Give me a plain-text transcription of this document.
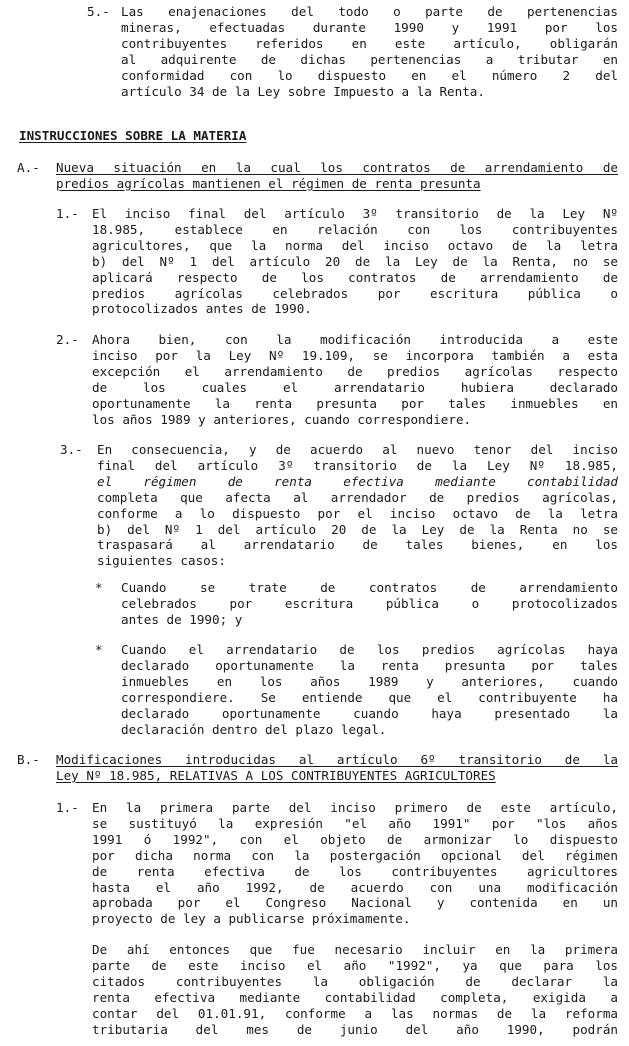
5.- Las enajenaciones del todo o parte de pertenencias

mineras, efectuadas durante 1990 y 1991 por los

contribuyentes referidos en este artículo, obligarán

al adquirente de dichas pertenencias a tributar en

conformidad con lo dispuesto en el número 2 del

artículo 34 de la Ley sobre Impuesto a la Renta.

INSTRUCCIONES SOBRE LA MATERIA
A.- Nueva situación en la cual los contratos de arrendamiento de

predios agrícolas mantienen el régimen de renta presunta

1.- El inciso final del artículo 3º transitorio de la Ley Nº

18.985, establece en relación con los contribuyentes

agricultores, que la norma del inciso octavo de la letra

b) del Nº 1 del artículo 20 de la Ley de la Renta, no se

aplicará respecto de los contratos de arrendamiento de

predios agrícolas celebrados por escritura pública o

protocolizados antes de 1990.

2.- Ahora bien, con la modificación introducida a este

inciso por la Ley Nº 19.109, se incorpora también a esta

excepción el arrendamiento de predios agrícolas respecto

de los cuales el arrendatario hubiera declarado

oportunamente la renta presunta por tales inmuebles en

los años 1989 y anteriores, cuando correspondiere.

3.- En consecuencia, y de acuerdo al nuevo tenor del inciso

final del artículo 3º transitorio de la Ley Nº 18.985,

el régimen de renta efectiva mediante contabilidad

completa que afecta al arrendador de predios agrícolas,

conforme a lo dispuesto por el inciso octavo de la letra

b) del Nº 1 del artículo 20 de la Ley de la Renta no se

traspasará al arrendatario de tales bienes, en los

siguientes casos:

* Cuando se trate de contratos de arrendamiento

celebrados por escritura pública o protocolizados

antes de 1990; y

* Cuando el arrendatario de los predios agrícolas haya

declarado oportunamente la renta presunta por tales

inmuebles en los años 1989 y anteriores, cuando

correspondiere. Se entiende que el contribuyente ha

declarado oportunamente cuando haya presentado la

declaración dentro del plazo legal.

B.- Modificaciones introducidas al artículo 6º transitorio de la

Ley Nº 18.985, RELATIVAS A LOS CONTRIBUYENTES AGRICULTORES

1.- En la primera parte del inciso primero de este artículo,

se sustituyó la expresión "el año 1991" por "los años

1991 ó 1992", con el objeto de armonizar lo dispuesto

por dicha norma con la postergación opcional del régimen

de renta efectiva de los contribuyentes agricultores

hasta el año 1992, de acuerdo con una modificación

aprobada por el Congreso Nacional y contenida en un

proyecto de ley a publicarse próximamente.

De ahí entonces que fue necesario incluir en la primera

parte de este inciso el año "1992", ya que para los

citados contribuyentes la obligación de declarar la

renta efectiva mediante contabilidad completa, exigida a

contar del 01.01.91, conforme a las normas de la reforma

tributaria del mes de junio del año 1990, podrán
